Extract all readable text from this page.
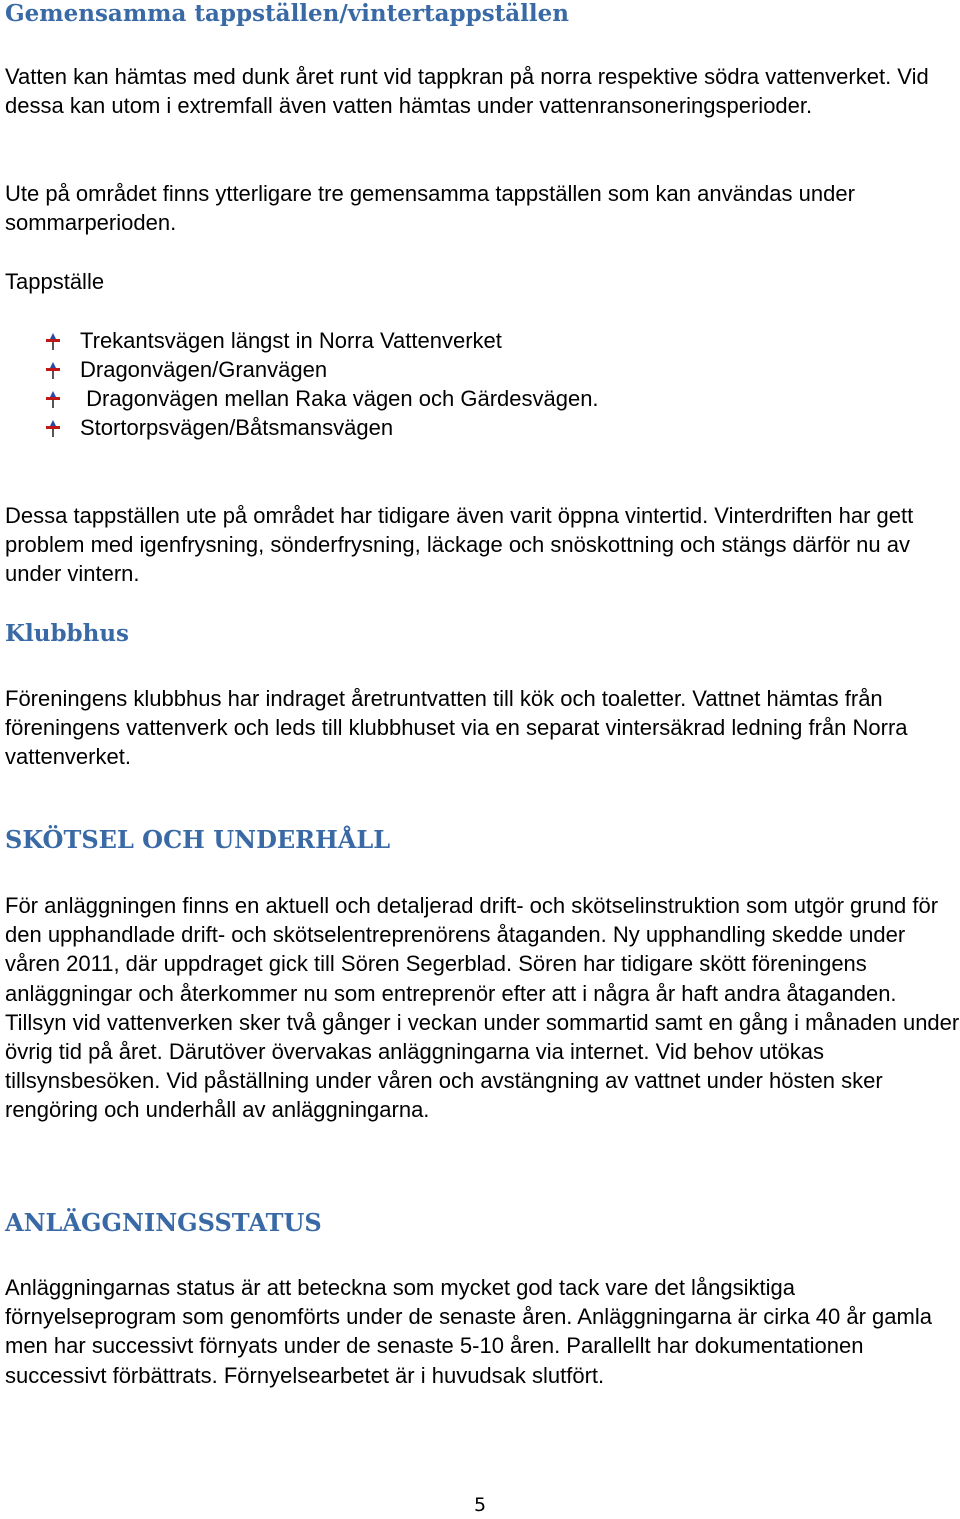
Gemensamma tappställen/vintertappställen

Vatten kan hämtas med dunk året runt vid tappkran på norra respektive södra vattenverket. Vid dessa kan utom i extremfall även vatten hämtas under vattenransoneringsperioder.

Ute på området finns ytterligare tre gemensamma tappställen som kan användas under sommarperioden.

Tappställe

Trekantsvägen längst in Norra Vattenverket
Dragonvägen/Granvägen
Dragonvägen mellan Raka vägen och Gärdesvägen.
Stortorpsvägen/Båtsmansvägen

Dessa tappställen ute på området har tidigare även varit öppna vintertid. Vinterdriften har gett problem med igenfrysning, sönderfrysning, läckage och snöskottning och stängs därför nu av under vintern.

Klubbhus

Föreningens klubbhus har indraget åretruntvatten till kök och toaletter. Vattnet hämtas från föreningens vattenverk och leds till klubbhuset via en separat vintersäkrad ledning från Norra vattenverket.

SKÖTSEL OCH UNDERHÅLL

För anläggningen finns en aktuell och detaljerad drift- och skötselinstruktion som utgör grund för den upphandlade drift- och skötselentreprenörens åtaganden. Ny upphandling skedde under våren 2011, där uppdraget gick till Sören Segerblad. Sören har tidigare skött föreningens anläggningar och återkommer nu som entreprenör efter att i några år haft andra åtaganden. Tillsyn vid vattenverken sker två gånger i veckan under sommartid samt en gång i månaden under övrig tid på året. Därutöver övervakas anläggningarna via internet. Vid behov utökas tillsynsbesöken. Vid påställning under våren och avstängning av vattnet under hösten sker rengöring och underhåll av anläggningarna.

ANLÄGGNINGSSTATUS

Anläggningarnas status är att beteckna som mycket god tack vare det långsiktiga förnyelseprogram som genomförts under de senaste åren. Anläggningarna är cirka 40 år gamla men har successivt förnyats under de senaste 5-10 åren. Parallellt har dokumentationen successivt förbättrats. Förnyelsearbetet är i huvudsak slutfört.

5
